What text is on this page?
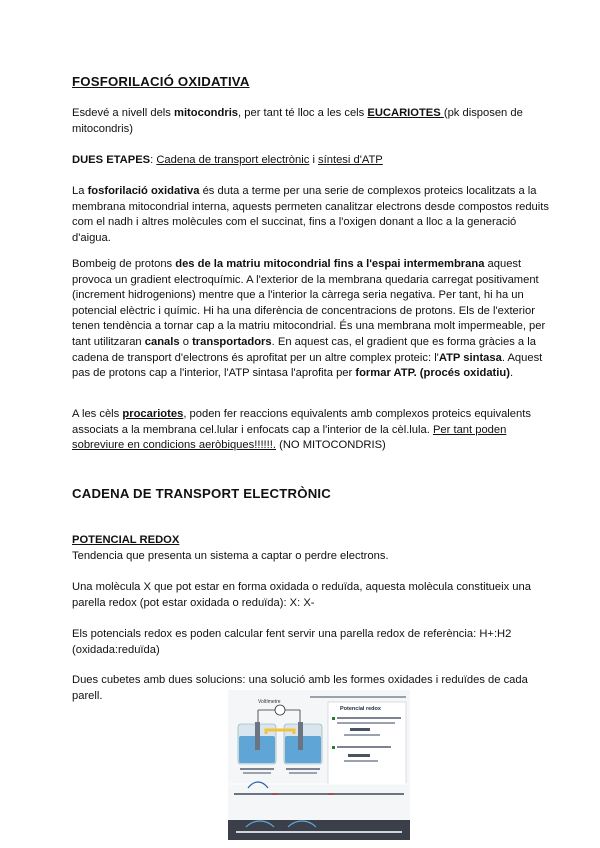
FOSFORILACIÓ OXIDATIVA
Esdevé a nivell dels mitocondris, per tant té lloc a les cels EUCARIOTES (pk disposen de mitocondris)
DUES ETAPES: Cadena de transport electrònic i síntesi d'ATP
La fosforilació oxidativa és duta a terme per una serie de complexos proteics localitzats a la membrana mitocondrial interna, aquests permeten canalitzar electrons desde compostos reduits com el nadh i altres molècules com el succinat, fins a l'oxigen donant a lloc a la generació d'aigua.
Bombeig de protons des de la matriu mitocondrial fins a l'espai intermembrana aquest provoca un gradient electroquímic. A l'exterior de la membrana quedaria carregat positivament (increment hidrogenions) mentre que a l'interior la càrrega seria negativa. Per tant, hi ha un potencial elèctric i químic. Hi ha una diferència de concentracions de protons. Els de l'exterior tenen tendència a tornar cap a la matriu mitocondrial. És una membrana molt impermeable, per tant utilitzaran canals o transportadors. En aquest cas, el gradient que es forma gràcies a la cadena de transport d'electrons és aprofitat per un altre complex proteic: l'ATP sintasa. Aquest pas de protons cap a l'interior, l'ATP sintasa l'aprofita per formar ATP. (procés oxidatiu).
A les cèls procariotes, poden fer reaccions equivalents amb complexos proteics equivalents associats a la membrana cel.lular i enfocats cap a l'interior de la cèl.lula. Per tant poden sobreviure en condicions aeròbiques!!!!!!. (NO MITOCONDRIS)
CADENA DE TRANSPORT ELECTRÒNIC
POTENCIAL REDOX
Tendencia que presenta un sistema a captar o perdre electrons.
Una molècula X que pot estar en forma oxidada o reduïda, aquesta molècula constitueix una parella redox (pot estar oxidada o reduïda): X: X-
Els potencials redox es poden calcular fent servir una parella redox de referència: H+:H2 (oxidada:reduïda)
Dues cubetes amb dues solucions: una solució amb les formes oxidades i reduïdes de cada parell.
Voltímetre
Potencial redox
